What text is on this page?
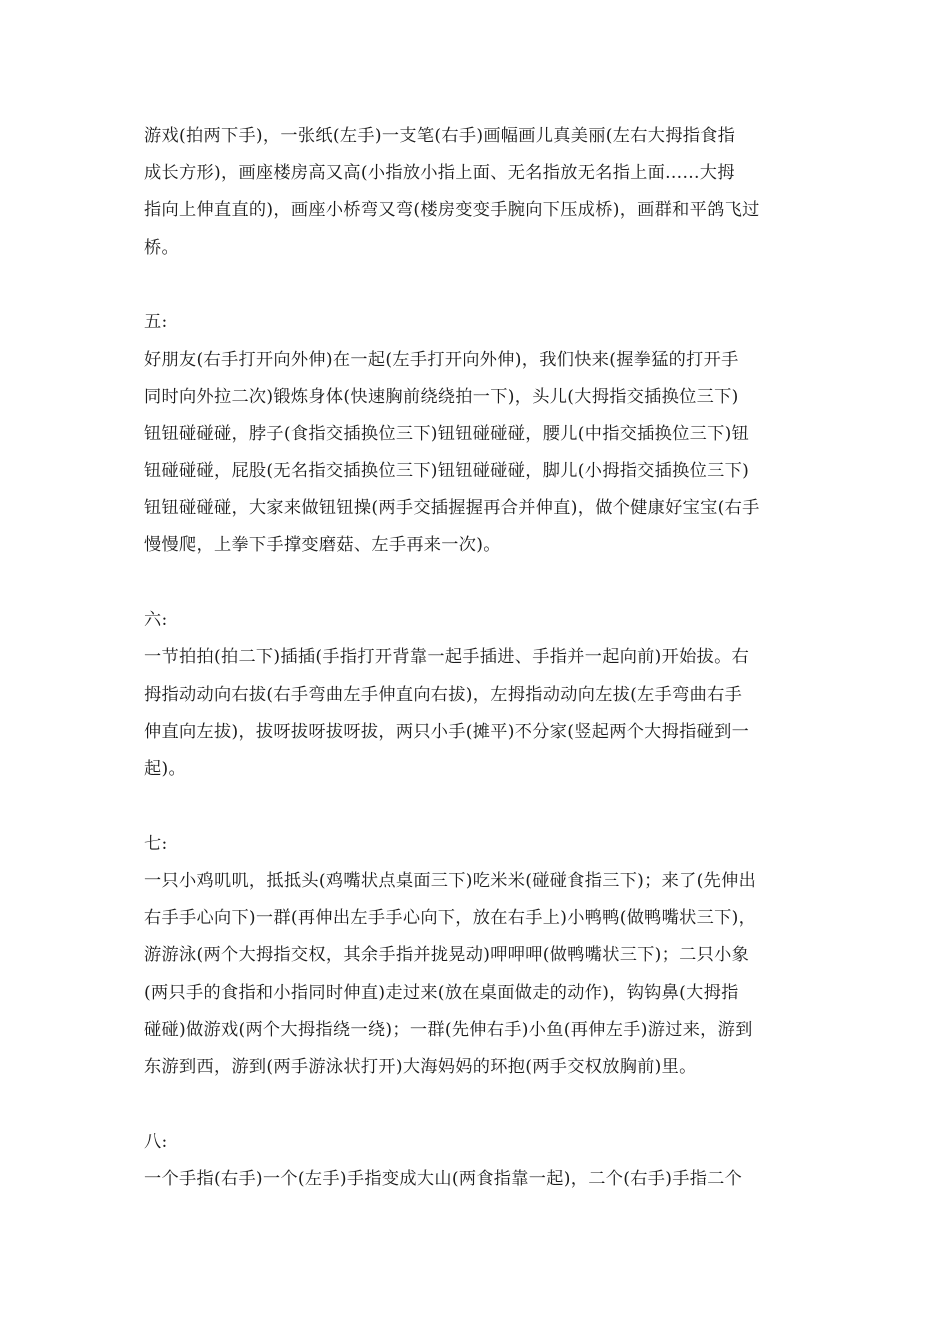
游戏(拍两下手)，一张纸(左手)一支笔(右手)画幅画儿真美丽(左右大拇指食指
成长方形)，画座楼房高又高(小指放小指上面、无名指放无名指上面......大拇
指向上伸直直的)，画座小桥弯又弯(楼房变变手腕向下压成桥)，画群和平鸽飞过
桥。
五:
好朋友(右手打开向外伸)在一起(左手打开向外伸)，我们快来(握拳猛的打开手
同时向外拉二次)锻炼身体(快速胸前绕绕拍一下)，头儿(大拇指交插换位三下)
钮钮碰碰碰，脖子(食指交插换位三下)钮钮碰碰碰，腰儿(中指交插换位三下)钮
钮碰碰碰，屁股(无名指交插换位三下)钮钮碰碰碰，脚儿(小拇指交插换位三下)
钮钮碰碰碰，大家来做钮钮操(两手交插握握再合并伸直)，做个健康好宝宝(右手
慢慢爬，上拳下手撑变磨菇、左手再来一次)。
六:
一节拍拍(拍二下)插插(手指打开背靠一起手插进、手指并一起向前)开始拔。右
拇指动动向右拔(右手弯曲左手伸直向右拔)，左拇指动动向左拔(左手弯曲右手
伸直向左拔)，拔呀拔呀拔呀拔，两只小手(摊平)不分家(竖起两个大拇指碰到一
起)。
七:
一只小鸡叽叽，抵抵头(鸡嘴状点桌面三下)吃米米(碰碰食指三下)；来了(先伸出
右手手心向下)一群(再伸出左手手心向下，放在右手上)小鸭鸭(做鸭嘴状三下)，
游游泳(两个大拇指交权，其余手指并拢晃动)呷呷呷(做鸭嘴状三下)；二只小象
(两只手的食指和小指同时伸直)走过来(放在桌面做走的动作)，钩钩鼻(大拇指
碰碰)做游戏(两个大拇指绕一绕)；一群(先伸右手)小鱼(再伸左手)游过来，游到
东游到西，游到(两手游泳状打开)大海妈妈的环抱(两手交权放胸前)里。
八:
一个手指(右手)一个(左手)手指变成大山(两食指靠一起)，二个(右手)手指二个
